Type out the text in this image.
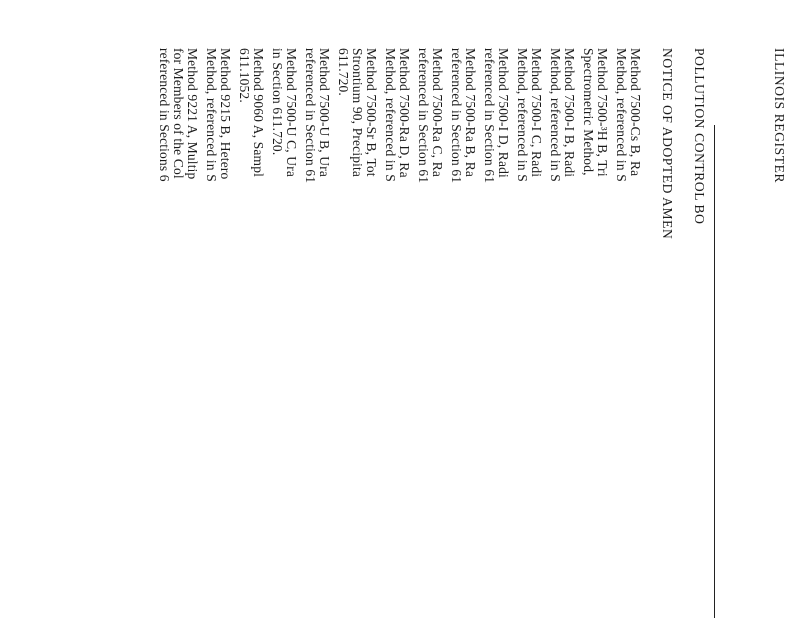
ILLINOIS REGISTER
POLLUTION CONTROL BO
NOTICE OF ADOPTED AMEN
Method 7500-Cs B, Ra
Method, referenced in S
Method 7500-³H B, Tri
Spectrometric Method,
Method 7500-I B, Radi
Method, referenced in S
Method 7500-I C, Radi
Method, referenced in S
Method 7500-I D, Radi
referenced in Section 61
Method 7500-Ra B, Ra
referenced in Section 61
Method 7500-Ra C, Ra
referenced in Section 61
Method 7500-Ra D, Ra
Method, referenced in S
Method 7500-Sr B, Tot
Strontium 90, Precipita
611.720.
Method 7500-U B, Ura
referenced in Section 61
Method 7500-U C, Ura
in Section 611.720.
Method 9060 A, Sampl
611.1052.
Method 9215 B, Hetero
Method, referenced in S
Method 9221 A, Multip
for Members of the Col
referenced in Sections 6
